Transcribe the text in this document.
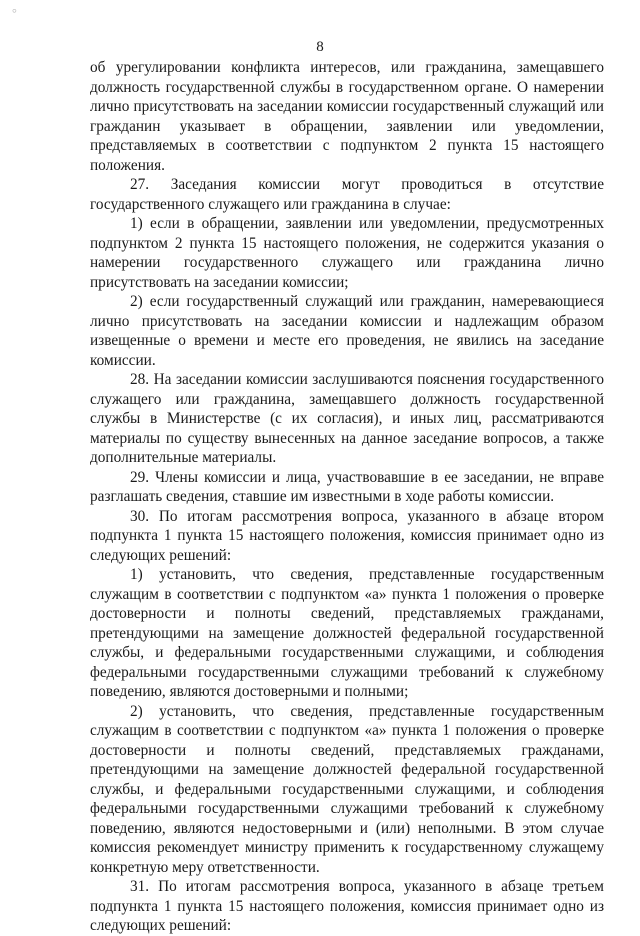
°
8

об урегулировании конфликта интересов, или гражданина, замещавшего должность государственной службы в государственном органе. О намерении лично присутствовать на заседании комиссии государственный служащий или гражданин указывает в обращении, заявлении или уведомлении, представляемых в соответствии с подпунктом 2 пункта 15 настоящего положения.

27. Заседания комиссии могут проводиться в отсутствие государственного служащего или гражданина в случае:

1) если в обращении, заявлении или уведомлении, предусмотренных подпунктом 2 пункта 15 настоящего положения, не содержится указания о намерении государственного служащего или гражданина лично присутствовать на заседании комиссии;

2) если государственный служащий или гражданин, намеревающиеся лично присутствовать на заседании комиссии и надлежащим образом извещенные о времени и месте его проведения, не явились на заседание комиссии.

28. На заседании комиссии заслушиваются пояснения государственного служащего или гражданина, замещавшего должность государственной службы в Министерстве (с их согласия), и иных лиц, рассматриваются материалы по существу вынесенных на данное заседание вопросов, а также дополнительные материалы.

29. Члены комиссии и лица, участвовавшие в ее заседании, не вправе разглашать сведения, ставшие им известными в ходе работы комиссии.

30. По итогам рассмотрения вопроса, указанного в абзаце втором подпункта 1 пункта 15 настоящего положения, комиссия принимает одно из следующих решений:

1) установить, что сведения, представленные государственным служащим в соответствии с подпунктом «а» пункта 1 положения о проверке достоверности и полноты сведений, представляемых гражданами, претендующими на замещение должностей федеральной государственной службы, и федеральными государственными служащими, и соблюдения федеральными государственными служащими требований к служебному поведению, являются достоверными и полными;

2) установить, что сведения, представленные государственным служащим в соответствии с подпунктом «а» пункта 1 положения о проверке достоверности и полноты сведений, представляемых гражданами, претендующими на замещение должностей федеральной государственной службы, и федеральными государственными служащими, и соблюдения федеральными государственными служащими требований к служебному поведению, являются недостоверными и (или) неполными. В этом случае комиссия рекомендует министру применить к государственному служащему конкретную меру ответственности.

31. По итогам рассмотрения вопроса, указанного в абзаце третьем подпункта 1 пункта 15 настоящего положения, комиссия принимает одно из следующих решений:
